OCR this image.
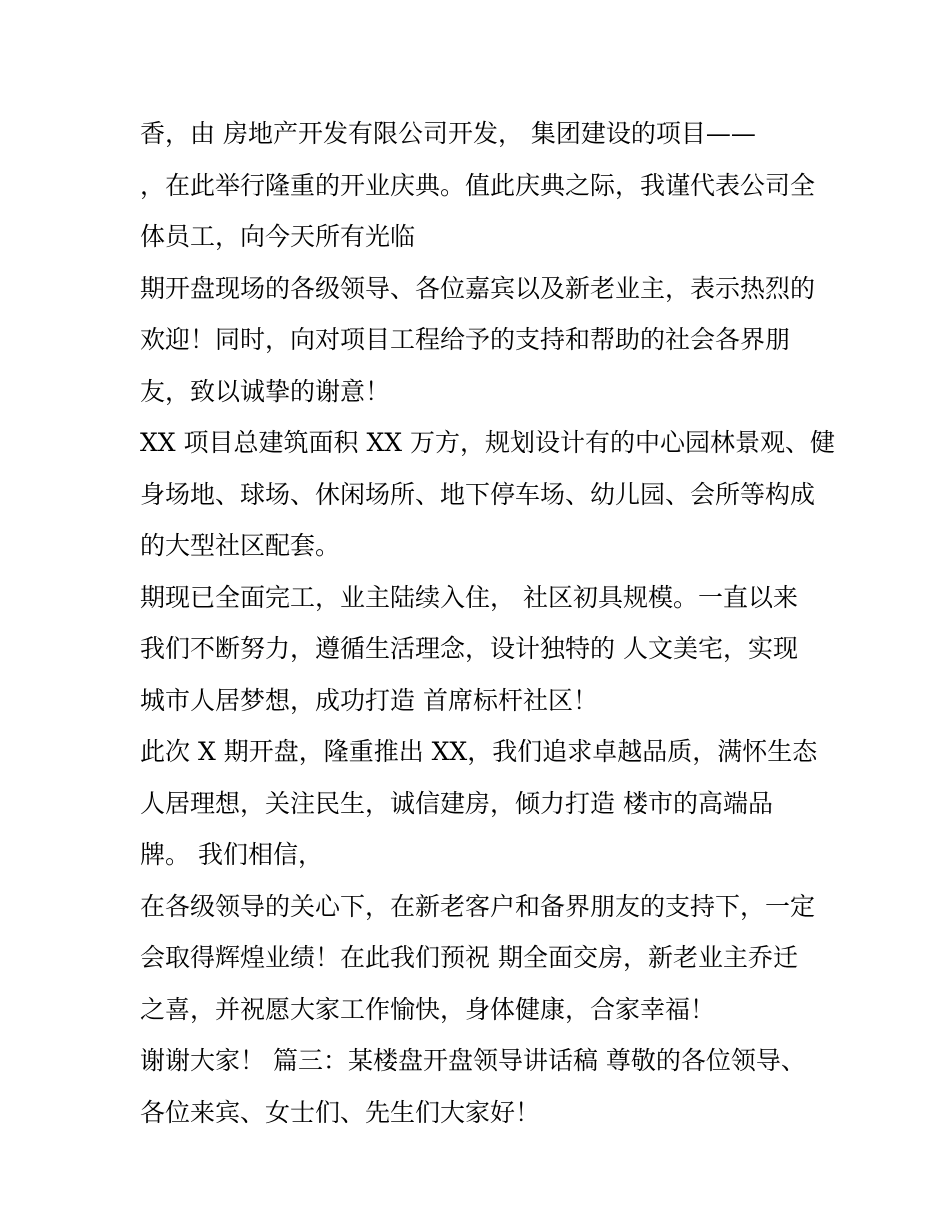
香，由 房地产开发有限公司开发， 集团建设的项目——
，在此举行隆重的开业庆典。值此庆典之际，我谨代表公司全
体员工，向今天所有光临
期开盘现场的各级领导、各位嘉宾以及新老业主，表示热烈的
欢迎！同时，向对项目工程给予的支持和帮助的社会各界朋
友，致以诚挚的谢意！
XX 项目总建筑面积 XX 万方，规划设计有的中心园林景观、健
身场地、球场、休闲场所、地下停车场、幼儿园、会所等构成
的大型社区配套。
期现已全面完工，业主陆续入住， 社区初具规模。一直以来
我们不断努力，遵循生活理念，设计独特的 人文美宅，实现
城市人居梦想，成功打造 首席标杆社区！
此次 X 期开盘，隆重推出 XX，我们追求卓越品质，满怀生态
人居理想，关注民生，诚信建房，倾力打造 楼市的高端品
牌。 我们相信，
在各级领导的关心下，在新老客户和备界朋友的支持下，一定
会取得辉煌业绩！在此我们预祝 期全面交房，新老业主乔迁
之喜，并祝愿大家工作愉快，身体健康，合家幸福！
谢谢大家！ 篇三：某楼盘开盘领导讲话稿 尊敬的各位领导、
各位来宾、女士们、先生们大家好！
